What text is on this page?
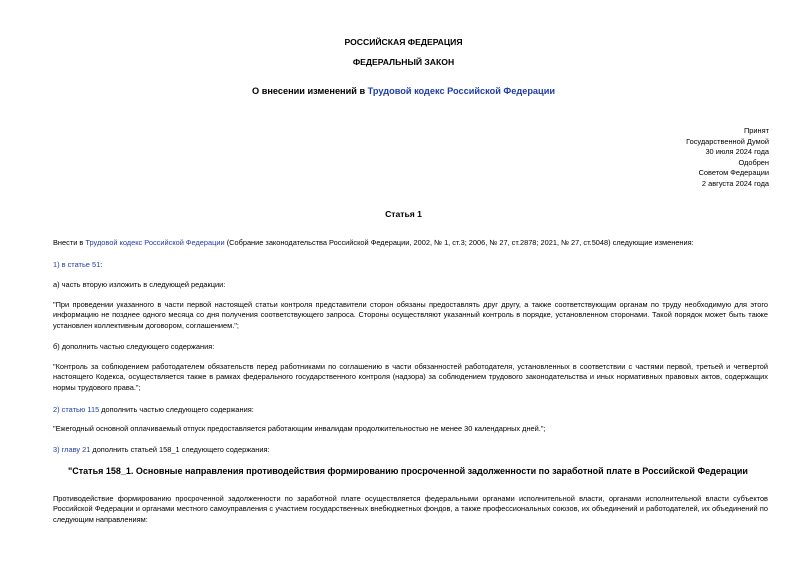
РОССИЙСКАЯ ФЕДЕРАЦИЯ
ФЕДЕРАЛЬНЫЙ ЗАКОН
О внесении изменений в Трудовой кодекс Российской Федерации
Принят
Государственной Думой
30 июля 2024 года
Одобрен
Советом Федерации
2 августа 2024 года
Статья 1

Внести в Трудовой кодекс Российской Федерации (Собрание законодательства Российской Федерации, 2002, № 1, ст.3; 2006, № 27, ст.2878; 2021, № 27, ст.5048) следующие изменения:

1) в статье 51:

а) часть вторую изложить в следующей редакции:

"При проведении указанного в части первой настоящей статьи контроля представители сторон обязаны предоставлять друг другу, а также соответствующим органам по труду необходимую для этого информацию не позднее одного месяца со дня получения соответствующего запроса. Стороны осуществляют указанный контроль в порядке, установленном сторонами. Такой порядок может быть также установлен коллективным договором, соглашением.";

б) дополнить частью следующего содержания:

"Контроль за соблюдением работодателем обязательств перед работниками по соглашению в части обязанностей работодателя, установленных в соответствии с частями первой, третьей и четвертой настоящего Кодекса, осуществляется также в рамках федерального государственного контроля (надзора) за соблюдением трудового законодательства и иных нормативных правовых актов, содержащих нормы трудового права.";

2) статью 115 дополнить частью следующего содержания:

"Ежегодный основной оплачиваемый отпуск предоставляется работающим инвалидам продолжительностью не менее 30 календарных дней.";

3) главу 21 дополнить статьей 158_1 следующего содержания:

"Статья 158_1. Основные направления противодействия формированию просроченной задолженности по заработной плате в Российской Федерации

Противодействие формированию просроченной задолженности по заработной плате осуществляется федеральными органами исполнительной власти, органами исполнительной власти субъектов Российской Федерации и органами местного самоуправления с участием государственных внебюджетных фондов, а также профессиональных союзов, их объединений и работодателей, их объединений по следующим направлениям:
